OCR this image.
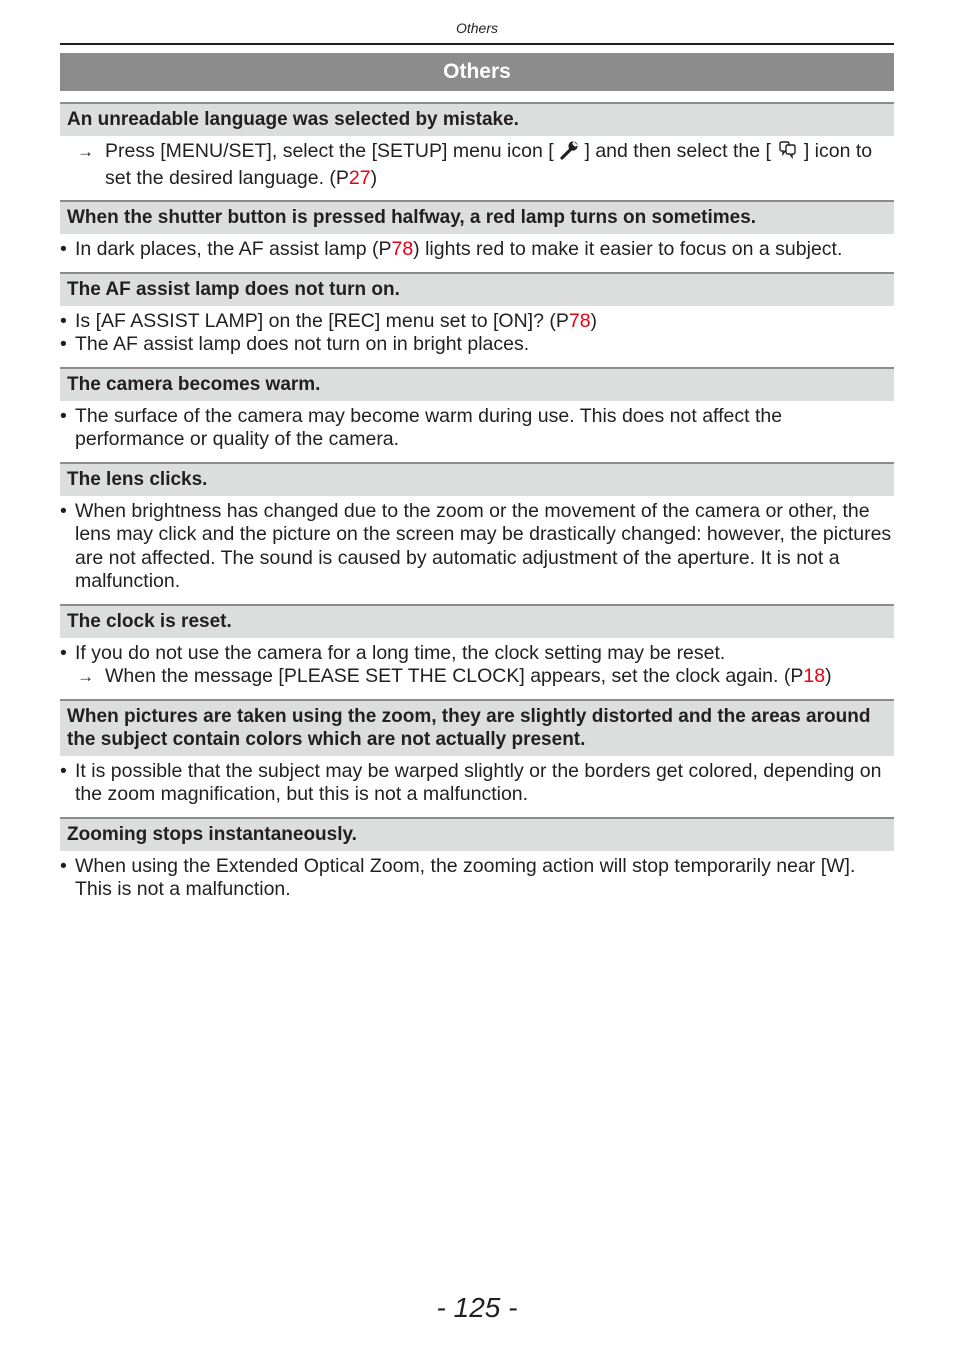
Others
Others
An unreadable language was selected by mistake.
→ Press [MENU/SET], select the [SETUP] menu icon [ ] and then select the [ ] icon to set the desired language. (P27)
When the shutter button is pressed halfway, a red lamp turns on sometimes.
• In dark places, the AF assist lamp (P78) lights red to make it easier to focus on a subject.
The AF assist lamp does not turn on.
• Is [AF ASSIST LAMP] on the [REC] menu set to [ON]? (P78)
• The AF assist lamp does not turn on in bright places.
The camera becomes warm.
• The surface of the camera may become warm during use. This does not affect the performance or quality of the camera.
The lens clicks.
• When brightness has changed due to the zoom or the movement of the camera or other, the lens may click and the picture on the screen may be drastically changed: however, the pictures are not affected. The sound is caused by automatic adjustment of the aperture. It is not a malfunction.
The clock is reset.
• If you do not use the camera for a long time, the clock setting may be reset.
→ When the message [PLEASE SET THE CLOCK] appears, set the clock again. (P18)
When pictures are taken using the zoom, they are slightly distorted and the areas around the subject contain colors which are not actually present.
• It is possible that the subject may be warped slightly or the borders get colored, depending on the zoom magnification, but this is not a malfunction.
Zooming stops instantaneously.
• When using the Extended Optical Zoom, the zooming action will stop temporarily near [W]. This is not a malfunction.
- 125 -
